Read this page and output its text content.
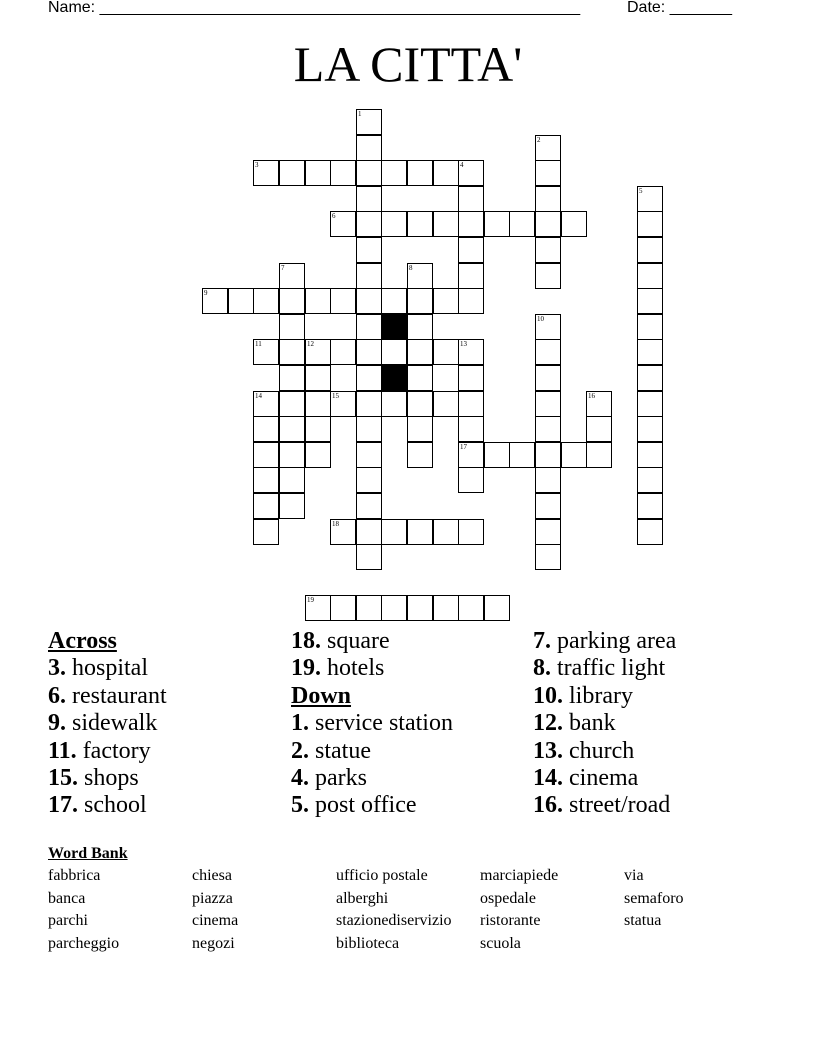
Name: ______________________________________________________	Date: _______
LA CITTA'
1
2
3	4
5
6
7	8
9
10
11	12	13
17
14	15	16
18
19
Across
3. hospital
6. restaurant
9. sidewalk
11. factory
15. shops
17. school
18. square
19. hotels
Down
1. service station
2. statue
4. parks
5. post office
7. parking area
8. traffic light
10. library
12. bank
13. church
14. cinema
16. street/road
Word Bank
fabbrica	chiesa	ufficio postale	marciapiede	via
banca	piazza	alberghi	ospedale	semaforo
parchi	cinema	stazionediservizio	ristorante	statua
parcheggio	negozi	biblioteca	scuola
